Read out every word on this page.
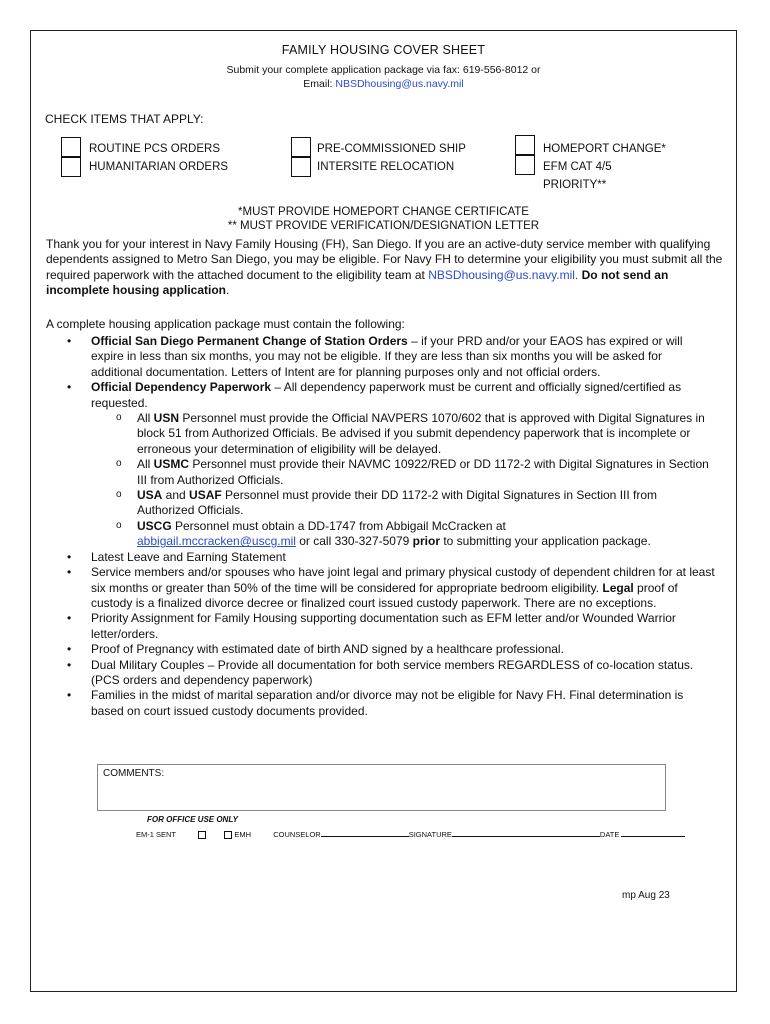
FAMILY HOUSING COVER SHEET
Submit your complete application package via fax: 619-556-8012 or
Email: NBSDhousing@us.navy.mil
CHECK ITEMS THAT APPLY:
ROUTINE PCS ORDERS
HUMANITARIAN ORDERS
PRE-COMMISSIONED SHIP
INTERSITE RELOCATION
HOMEPORT CHANGE*
EFM CAT 4/5
PRIORITY**
*MUST PROVIDE HOMEPORT CHANGE CERTIFICATE
** MUST PROVIDE VERIFICATION/DESIGNATION LETTER
Thank you for your interest in Navy Family Housing (FH), San Diego. If you are an active-duty service member with qualifying dependents assigned to Metro San Diego, you may be eligible. For Navy FH to determine your eligibility you must submit all the required paperwork with the attached document to the eligibility team at NBSDhousing@us.navy.mil. Do not send an incomplete housing application.
A complete housing application package must contain the following:
• Official San Diego Permanent Change of Station Orders – if your PRD and/or your EAOS has expired or will expire in less than six months, you may not be eligible. If they are less than six months you will be asked for additional documentation. Letters of Intent are for planning purposes only and not official orders.
• Official Dependency Paperwork – All dependency paperwork must be current and officially signed/certified as requested.
o All USN Personnel must provide the Official NAVPERS 1070/602 that is approved with Digital Signatures in block 51 from Authorized Officials. Be advised if you submit dependency paperwork that is incomplete or erroneous your determination of eligibility will be delayed.
o All USMC Personnel must provide their NAVMC 10922/RED or DD 1172-2 with Digital Signatures in Section III from Authorized Officials.
o USA and USAF Personnel must provide their DD 1172-2 with Digital Signatures in Section III from Authorized Officials.
o USCG Personnel must obtain a DD-1747 from Abbigail McCracken at
abbigail.mccracken@uscg.mil or call 330-327-5079 prior to submitting your application package.
• Latest Leave and Earning Statement
• Service members and/or spouses who have joint legal and primary physical custody of dependent children for at least six months or greater than 50% of the time will be considered for appropriate bedroom eligibility. Legal proof of custody is a finalized divorce decree or finalized court issued custody paperwork. There are no exceptions.
• Priority Assignment for Family Housing supporting documentation such as EFM letter and/or Wounded Warrior letter/orders.
• Proof of Pregnancy with estimated date of birth AND signed by a healthcare professional.
• Dual Military Couples – Provide all documentation for both service members REGARDLESS of co-location status. (PCS orders and dependency paperwork)
• Families in the midst of marital separation and/or divorce may not be eligible for Navy FH. Final determination is based on court issued custody documents provided.
COMMENTS:
FOR OFFICE USE ONLY
EM-1 SENT	EMH	COUNSELOR	SIGNATURE	DATE
mp Aug 23
